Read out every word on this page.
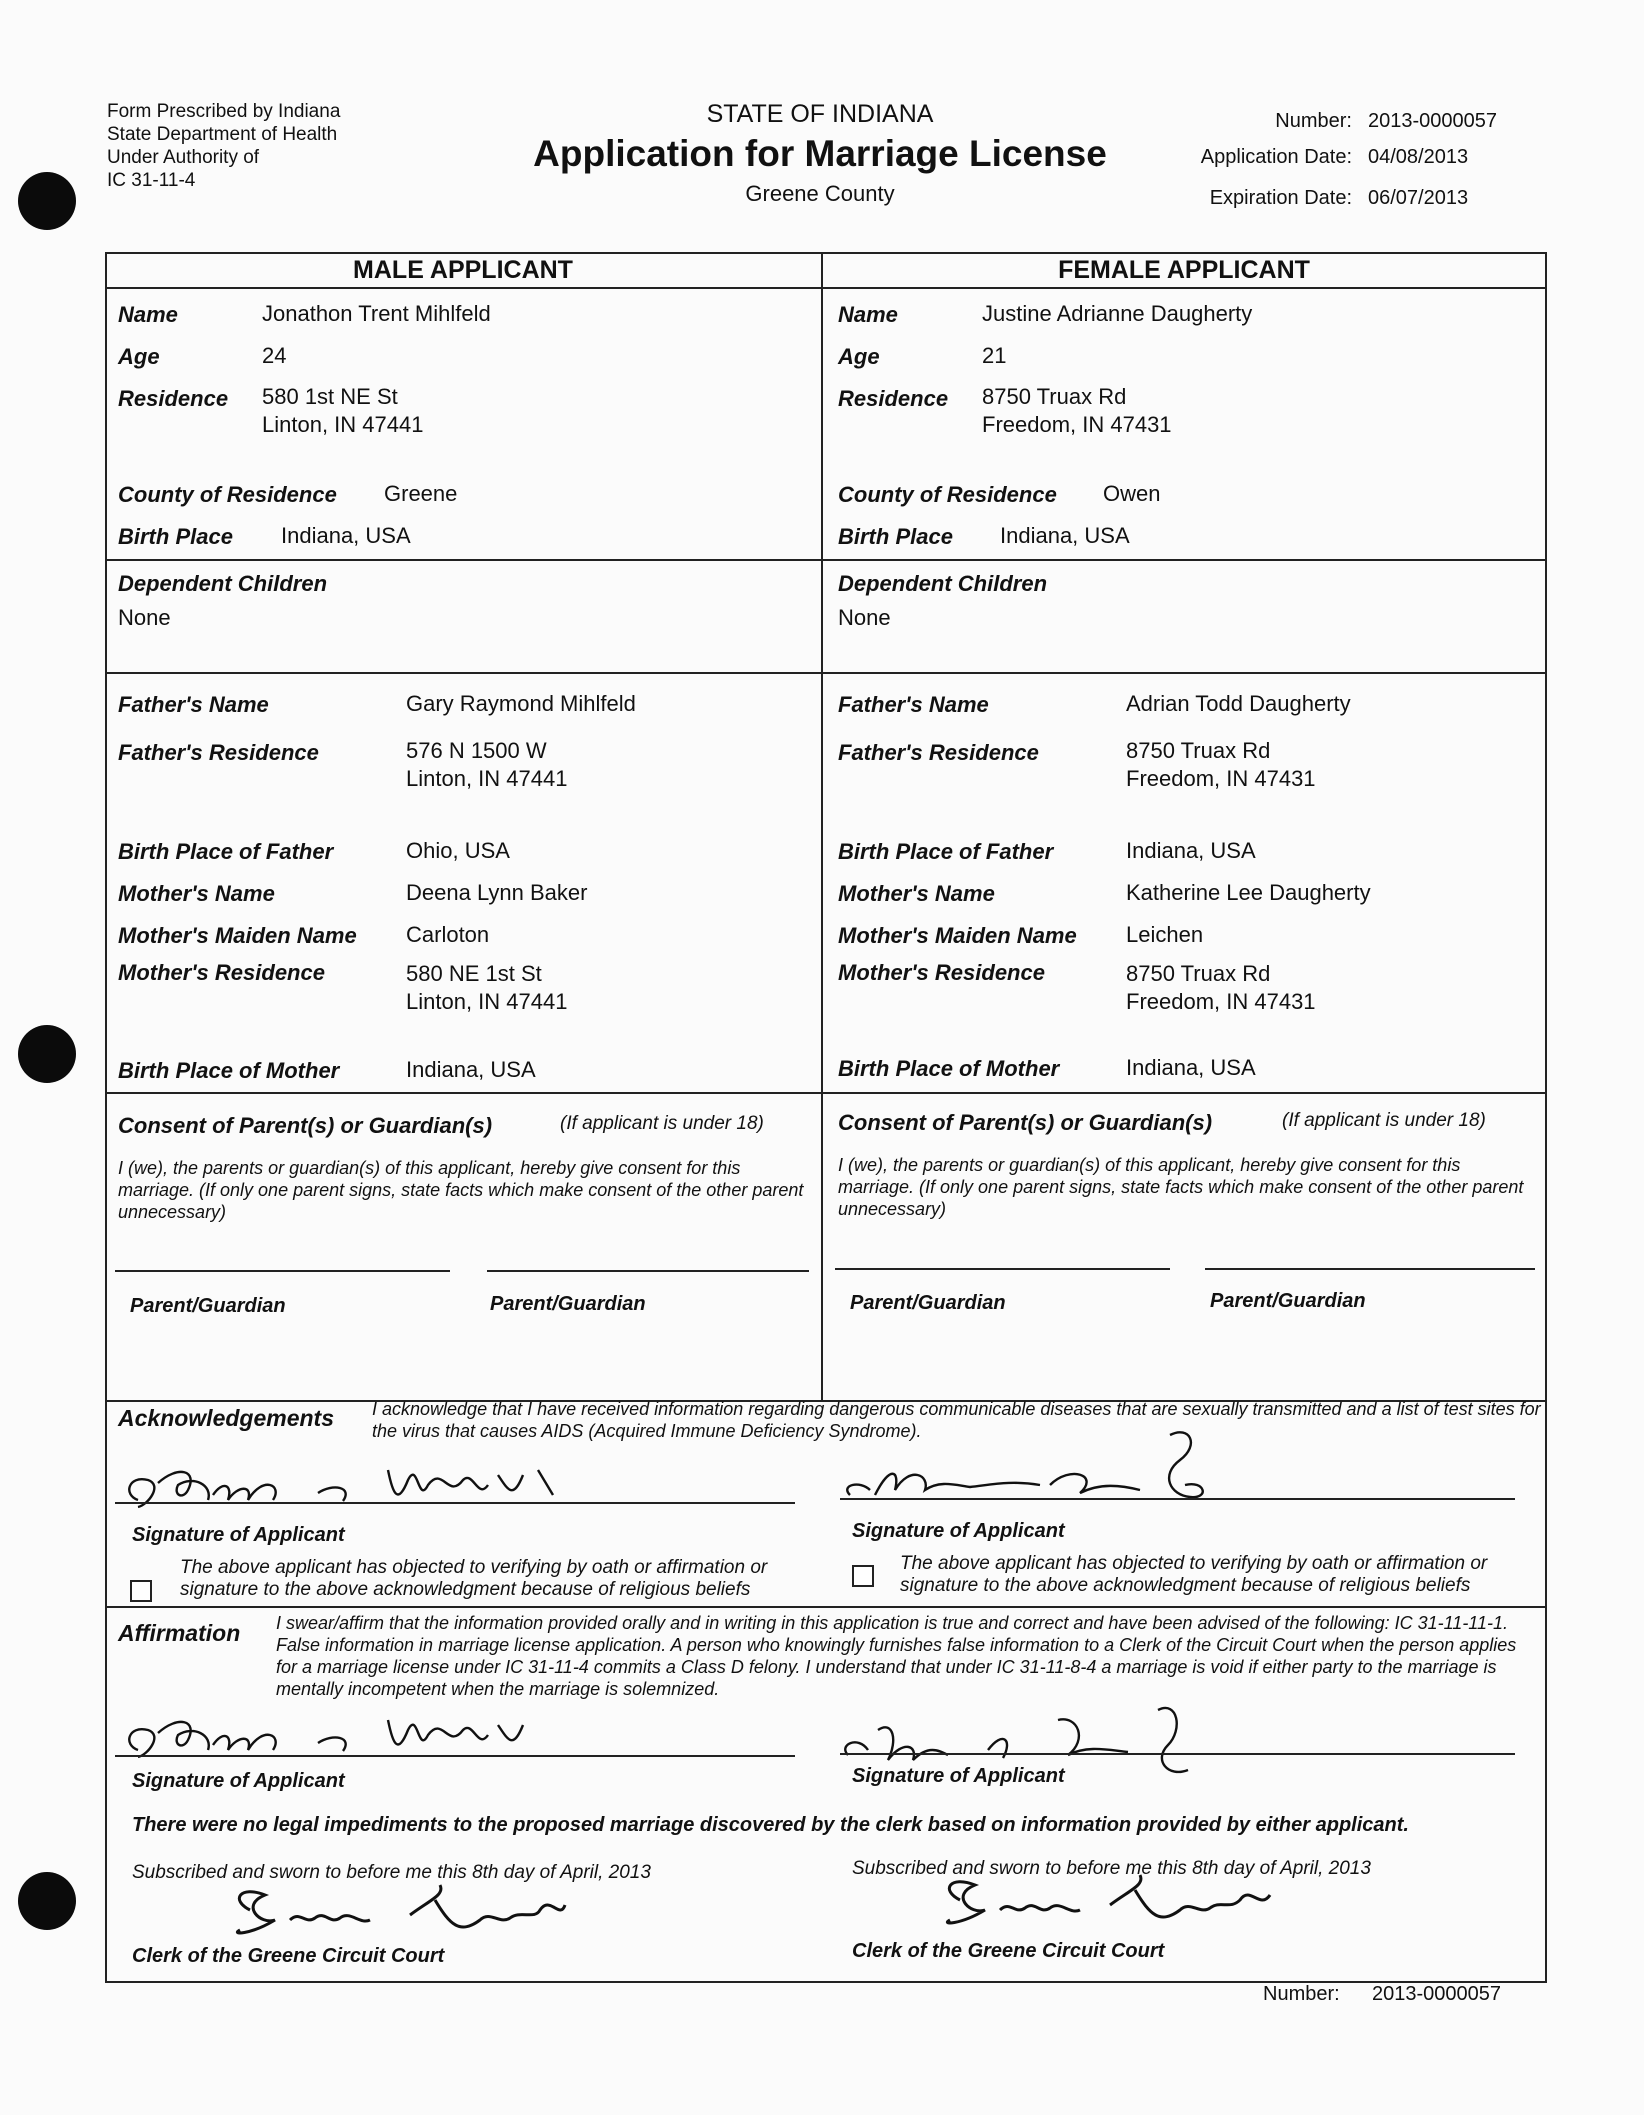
Form Prescribed by Indiana
State Department of Health
Under Authority of
IC 31-11-4
STATE OF INDIANA
Application for Marriage License
Greene County
Number: 2013-0000057
Application Date: 04/08/2013
Expiration Date: 06/07/2013
MALE APPLICANT	FEMALE APPLICANT
Name	Jonathon Trent Mihlfeld
Age	24
Residence 580 1st NE St
Linton, IN 47441
County of Residence Greene
Birth Place Indiana, USA
Dependent Children
None
Father's Name	Gary Raymond Mihlfeld
Father's Residence	576 N 1500 W
Linton, IN 47441
Birth Place of Father	Ohio, USA
Mother's Name	Deena Lynn Baker
Mother's Maiden Name Carloton
Mother's Residence	580 NE 1st St
Linton, IN 47441
Birth Place of Mother	Indiana, USA
Name	Justine Adrianne Daugherty
Age	21
Residence 8750 Truax Rd
Freedom, IN 47431
County of Residence Owen
Birth Place Indiana, USA
Dependent Children
None
Father's Name	Adrian Todd Daugherty
Father's Residence	8750 Truax Rd
Freedom, IN 47431
Birth Place of Father	Indiana, USA
Mother's Name	Katherine Lee Daugherty
Mother's Maiden Name Leichen
Mother's Residence	8750 Truax Rd
Freedom, IN 47431
Birth Place of Mother	Indiana, USA
Consent of Parent(s) or Guardian(s)	(If applicant is under 18)
I (we), the parents or guardian(s) of this applicant, hereby give consent for this marriage. (If only one parent signs, state facts which make consent of the other parent unnecessary)
Parent/Guardian	Parent/Guardian
Consent of Parent(s) or Guardian(s)	(If applicant is under 18)
I (we), the parents or guardian(s) of this applicant, hereby give consent for this marriage. (If only one parent signs, state facts which make consent of the other parent unnecessary)
Parent/Guardian	Parent/Guardian
Acknowledgements I acknowledge that I have received information regarding dangerous communicable diseases that are sexually transmitted and a list of test sites for the virus that causes AIDS (Acquired Immune Deficiency Syndrome).
Signature of Applicant
The above applicant has objected to verifying by oath or affirmation or signature to the above acknowledgment because of religious beliefs
Signature of Applicant
The above applicant has objected to verifying by oath or affirmation or signature to the above acknowledgment because of religious beliefs
Affirmation I swear/affirm that the information provided orally and in writing in this application is true and correct and have been advised of the following: IC 31-11-11-1. False information in marriage license application. A person who knowingly furnishes false information to a Clerk of the Circuit Court when the person applies for a marriage license under IC 31-11-4 commits a Class D felony. I understand that under IC 31-11-8-4 a marriage is void if either party to the marriage is mentally incompetent when the marriage is solemnized.
Signature of Applicant	Signature of Applicant
There were no legal impediments to the proposed marriage discovered by the clerk based on information provided by either applicant.
Subscribed and sworn to before me this 8th day of April, 2013
Clerk of the Greene Circuit Court
Subscribed and sworn to before me this 8th day of April, 2013
Clerk of the Greene Circuit Court
Number: 2013-0000057
